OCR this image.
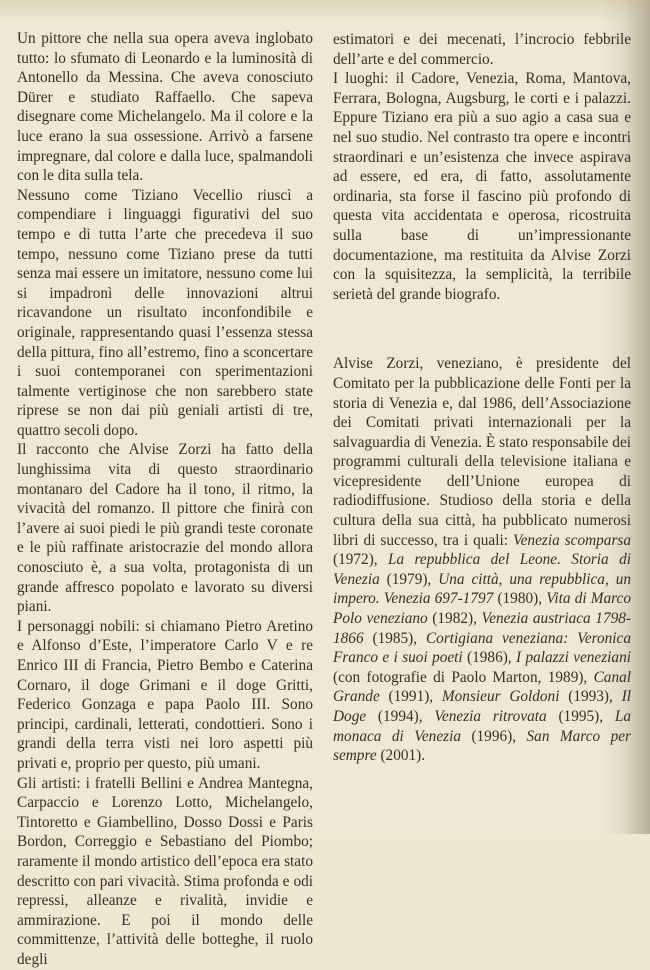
Un pittore che nella sua opera aveva inglobato tutto: lo sfumato di Leonardo e la luminosità di Antonello da Messina. Che aveva conosciuto Dürer e studiato Raffaello. Che sapeva disegnare come Michelangelo. Ma il colore e la luce erano la sua ossessione. Arrivò a farsene impregnare, dal colore e dalla luce, spalmandoli con le dita sulla tela.

Nessuno come Tiziano Vecellio riuscì a compendiare i linguaggi figurativi del suo tempo e di tutta l’arte che precedeva il suo tempo, nessuno come Tiziano prese da tutti senza mai essere un imitatore, nessuno come lui si impadronì delle innovazioni altrui ricavandone un risultato inconfondibile e originale, rappresentando quasi l’essenza stessa della pittura, fino all’estremo, fino a sconcertare i suoi contemporanei con sperimentazioni talmente vertiginose che non sarebbero state riprese se non dai più geniali artisti di tre, quattro secoli dopo.

Il racconto che Alvise Zorzi ha fatto della lunghissima vita di questo straordinario montanaro del Cadore ha il tono, il ritmo, la vivacità del romanzo. Il pittore che finirà con l’avere ai suoi piedi le più grandi teste coronate e le più raffinate aristocrazie del mondo allora conosciuto è, a sua volta, protagonista di un grande affresco popolato e lavorato su diversi piani.

I personaggi nobili: si chiamano Pietro Aretino e Alfonso d’Este, l’imperatore Carlo V e re Enrico III di Francia, Pietro Bembo e Caterina Cornaro, il doge Grimani e il doge Gritti, Federico Gonzaga e papa Paolo III. Sono principi, cardinali, letterati, condottieri. Sono i grandi della terra visti nei loro aspetti più privati e, proprio per questo, più umani.

Gli artisti: i fratelli Bellini e Andrea Mantegna, Carpaccio e Lorenzo Lotto, Michelangelo, Tintoretto e Giambellino, Dosso Dossi e Paris Bordon, Correggio e Sebastiano del Piombo; raramente il mondo artistico dell’epoca era stato descritto con pari vivacità. Stima profonda e odi repressi, alleanze e rivalità, invidie e ammirazione. E poi il mondo delle committenze, l’attività delle botteghe, il ruolo degli

estimatori e dei mecenati, l’incrocio febbrile dell’arte e del commercio.

I luoghi: il Cadore, Venezia, Roma, Mantova, Ferrara, Bologna, Augsburg, le corti e i palazzi. Eppure Tiziano era più a suo agio a casa sua e nel suo studio. Nel contrasto tra opere e incontri straordinari e un’esistenza che invece aspirava ad essere, ed era, di fatto, assolutamente ordinaria, sta forse il fascino più profondo di questa vita accidentata e operosa, ricostruita sulla base di un’impressionante documentazione, ma restituita da Alvise Zorzi con la squisitezza, la semplicità, la terribile serietà del grande biografo.

Alvise Zorzi, veneziano, è presidente del Comitato per la pubblicazione delle Fonti per la storia di Venezia e, dal 1986, dell’Associazione dei Comitati privati internazionali per la salvaguardia di Venezia. È stato responsabile dei programmi culturali della televisione italiana e vicepresidente dell’Unione europea di radiodiffusione. Studioso della storia e della cultura della sua città, ha pubblicato numerosi libri di successo, tra i quali: Venezia scomparsa (1972), La repubblica del Leone. Storia di Venezia (1979), Una città, una repubblica, un impero. Venezia 697-1797 (1980), Vita di Marco Polo veneziano (1982), Venezia austriaca 1798-1866 (1985), Cortigiana veneziana: Veronica Franco e i suoi poeti (1986), I palazzi veneziani (con fotografie di Paolo Marton, 1989), Canal Grande (1991), Monsieur Goldoni (1993), Il Doge (1994), Venezia ritrovata (1995), La monaca di Venezia (1996), San Marco per sempre (2001).
